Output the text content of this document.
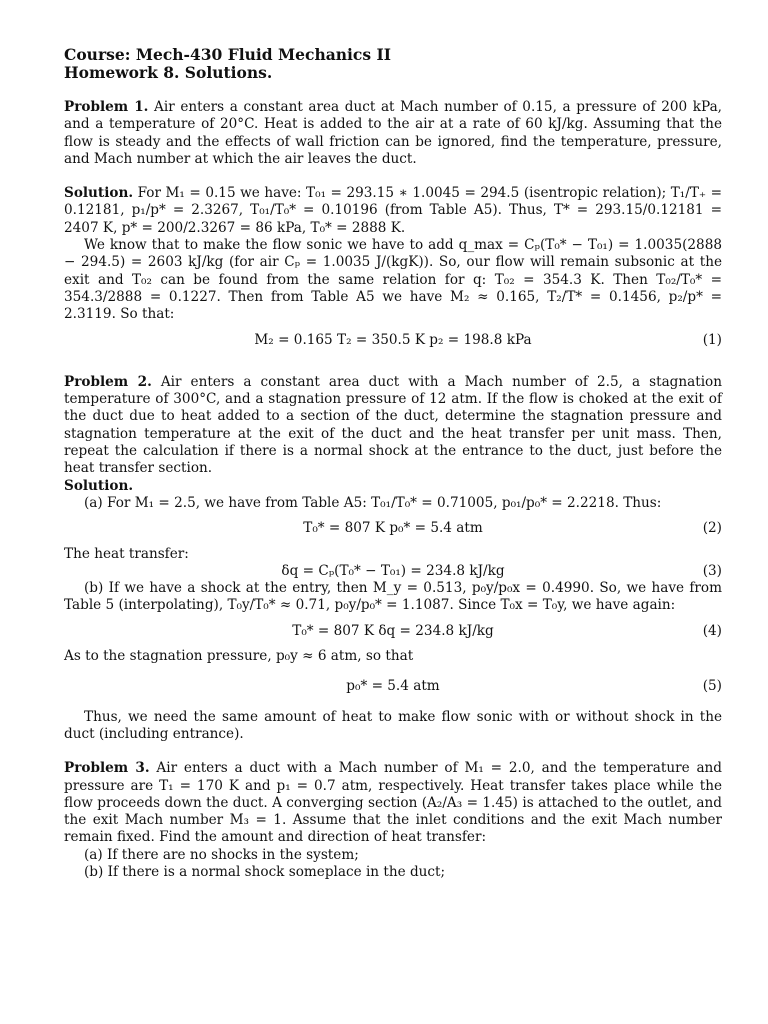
Course: Mech-430 Fluid Mechanics II

Homework 8. Solutions.

Problem 1. Air enters a constant area duct at Mach number of 0.15, a pressure of 200 kPa, and a temperature of 20°C. Heat is added to the air at a rate of 60 kJ/kg. Assuming that the flow is steady and the effects of wall friction can be ignored, find the temperature, pressure, and Mach number at which the air leaves the duct.

Solution. For M₁ = 0.15 we have: T₀₁ = 293.15 ∗ 1.0045 = 294.5 (isentropic relation); T₁/T₊ = 0.12181, p₁/p* = 2.3267, T₀₁/T₀* = 0.10196 (from Table A5). Thus, T* = 293.15/0.12181 = 2407 K, p* = 200/2.3267 = 86 kPa, T₀* = 2888 K.

We know that to make the flow sonic we have to add q_max = Cₚ(T₀* − T₀₁) = 1.0035(2888 − 294.5) = 2603 kJ/kg (for air Cₚ = 1.0035 J/(kgK)). So, our flow will remain subsonic at the exit and T₀₂ can be found from the same relation for q: T₀₂ = 354.3 K. Then T₀₂/T₀* = 354.3/2888 = 0.1227. Then from Table A5 we have M₂ ≈ 0.165, T₂/T* = 0.1456, p₂/p* = 2.3119. So that:

M₂ = 0.165 T₂ = 350.5 K p₂ = 198.8 kPa	(1)

Problem 2. Air enters a constant area duct with a Mach number of 2.5, a stagnation temperature of 300°C, and a stagnation pressure of 12 atm. If the flow is choked at the exit of the duct due to heat added to a section of the duct, determine the stagnation pressure and stagnation temperature at the exit of the duct and the heat transfer per unit mass. Then, repeat the calculation if there is a normal shock at the entrance to the duct, just before the heat transfer section.

Solution.

(a) For M₁ = 2.5, we have from Table A5: T₀₁/T₀* = 0.71005, p₀₁/p₀* = 2.2218. Thus:

T₀* = 807 K p₀* = 5.4 atm	(2)

The heat transfer:

δq = Cₚ(T₀* − T₀₁) = 234.8 kJ/kg	(3)

(b) If we have a shock at the entry, then M_y = 0.513, p₀y/p₀x = 0.4990. So, we have from Table 5 (interpolating), T₀y/T₀* ≈ 0.71, p₀y/p₀* = 1.1087. Since T₀x = T₀y, we have again:

T₀* = 807 K δq = 234.8 kJ/kg	(4)

As to the stagnation pressure, p₀y ≈ 6 atm, so that

p₀* = 5.4 atm	(5)

Thus, we need the same amount of heat to make flow sonic with or without shock in the duct (including entrance).

Problem 3. Air enters a duct with a Mach number of M₁ = 2.0, and the temperature and pressure are T₁ = 170 K and p₁ = 0.7 atm, respectively. Heat transfer takes place while the flow proceeds down the duct. A converging section (A₂/A₃ = 1.45) is attached to the outlet, and the exit Mach number M₃ = 1. Assume that the inlet conditions and the exit Mach number remain fixed. Find the amount and direction of heat transfer:

(a) If there are no shocks in the system;

(b) If there is a normal shock someplace in the duct;
